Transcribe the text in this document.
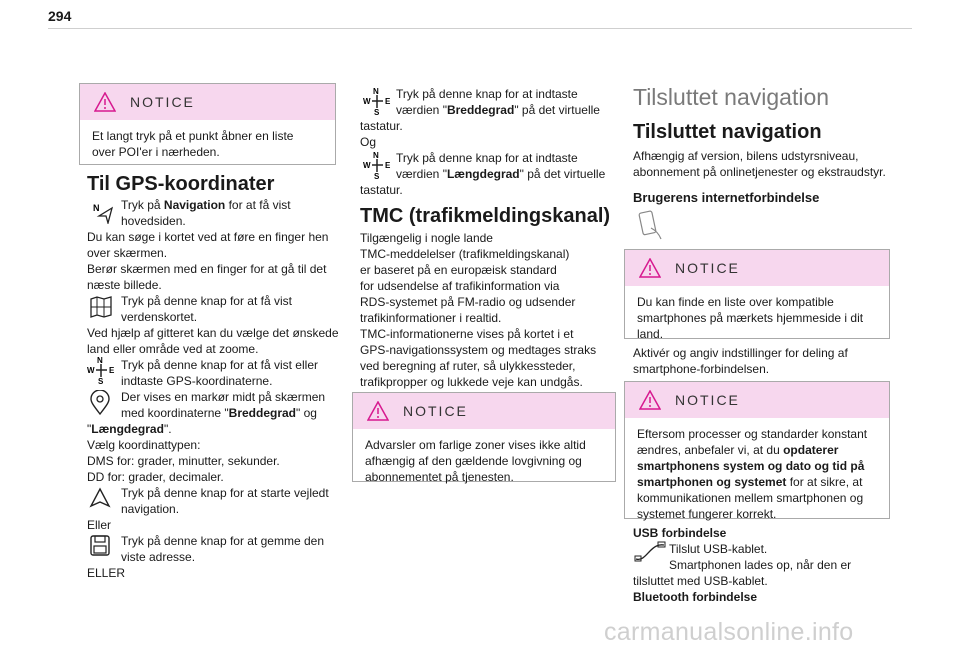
294
NOTICE
Et langt tryk på et punkt åbner en liste over POI'er i nærheden.
Til GPS-koordinater
N Tryk på Navigation for at få vist
hovedsiden.
Du kan søge i kortet ved at føre en finger hen
over skærmen.
Berør skærmen med en finger for at gå til det
næste billede.
Tryk på denne knap for at få vist
verdenskortet.
Ved hjælp af gitteret kan du vælge det ønskede
land eller område ved at zoome.
N
W E
S
Tryk på denne knap for at få vist eller
indtaste GPS-koordinaterne.
Der vises en markør midt på skærmen
med koordinaterne "Breddegrad" og
"Længdegrad".
Vælg koordinattypen:
DMS for: grader, minutter, sekunder.
DD for: grader, decimaler.
Tryk på denne knap for at starte vejledt
navigation.
Eller
Tryk på denne knap for at gemme den
viste adresse.
ELLER
N
W E
S
Tryk på denne knap for at indtaste
værdien "Breddegrad" på det virtuelle
tastatur.
Og
N
W E
S
Tryk på denne knap for at indtaste
værdien "Længdegrad" på det virtuelle
tastatur.
TMC (trafikmeldingskanal)
Tilgængelig i nogle lande
TMC-meddelelser (trafikmeldingskanal)
er baseret på en europæisk standard
for udsendelse af trafikinformation via
RDS-systemet på FM-radio og udsender
trafikinformationer i realtid.
TMC-informationerne vises på kortet i et
GPS-navigationssystem og medtages straks
ved beregning af ruter, så ulykkessteder,
trafikpropper og lukkede veje kan undgås.
NOTICE
Advarsler om farlige zoner vises ikke altid
afhængig af den gældende lovgivning og
abonnementet på tjenesten.
Tilsluttet navigation
Tilsluttet navigation
Afhængig af version, bilens udstyrsniveau,
abonnement på onlinetjenester og ekstraudstyr.
Brugerens internetforbindelse
NOTICE
Du kan finde en liste over kompatible
smartphones på mærkets hjemmeside i dit
land.
Aktivér og angiv indstillinger for deling af
smartphone-forbindelsen.
NOTICE
Eftersom processer og standarder konstant
ændres, anbefaler vi, at du opdaterer
smartphonens system og dato og tid på
smartphonen og systemet for at sikre, at
kommunikationen mellem smartphonen og
systemet fungerer korrekt.
USB forbindelse
Tilslut USB-kablet.
Smartphonen lades op, når den er
tilsluttet med USB-kablet.
Bluetooth forbindelse
carmanualsonline.info
